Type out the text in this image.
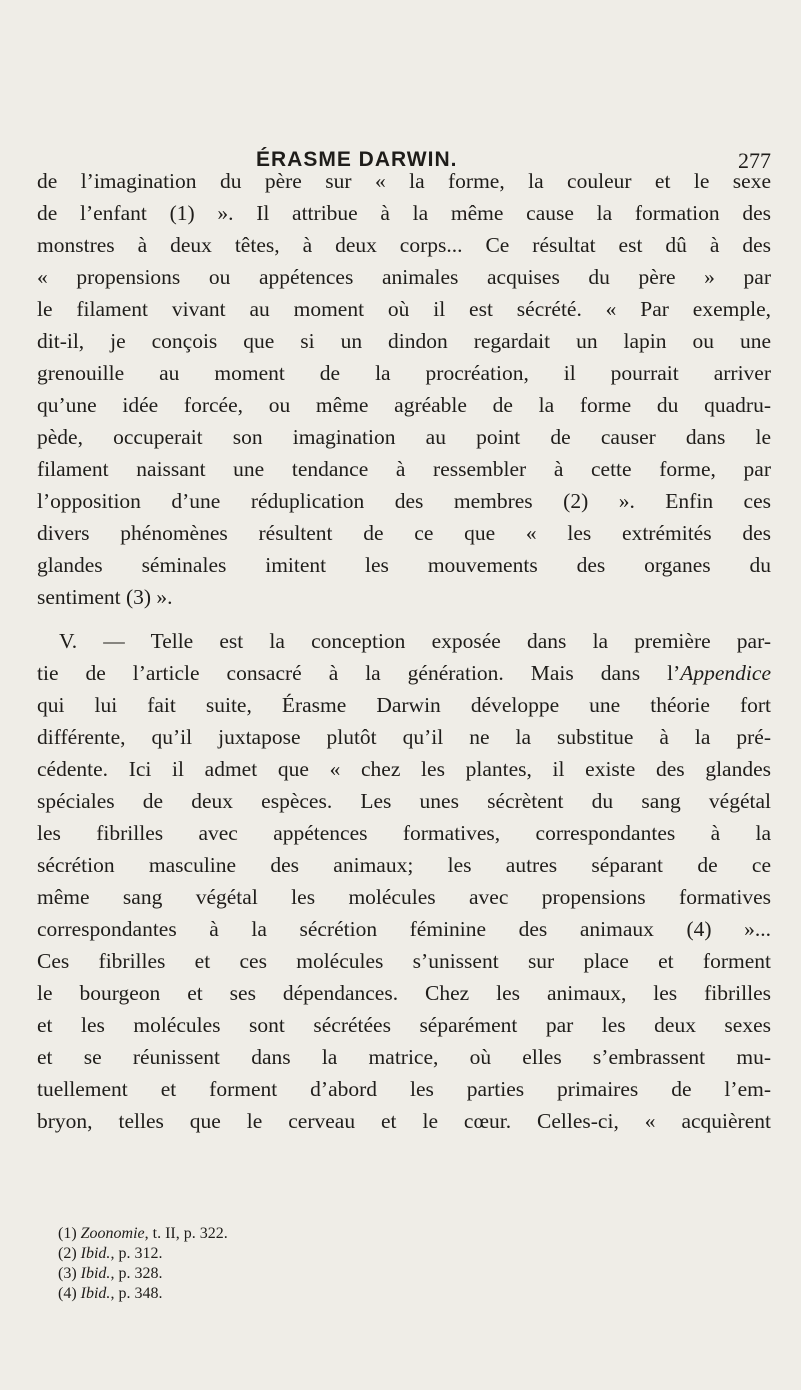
ÉRASME DARWIN.	277
de l’imagination du père sur « la forme, la couleur et le sexe
de l’enfant (1) ». Il attribue à la même cause la formation des
monstres à deux têtes, à deux corps... Ce résultat est dû à des
« propensions ou appétences animales acquises du père » par
le filament vivant au moment où il est sécrété. « Par exemple,
dit-il, je conçois que si un dindon regardait un lapin ou une
grenouille au moment de la procréation, il pourrait arriver
qu’une idée forcée, ou même agréable de la forme du quadru-
pède, occuperait son imagination au point de causer dans le
filament naissant une tendance à ressembler à cette forme, par
l’opposition d’une réduplication des membres (2) ». Enfin ces
divers phénomènes résultent de ce que « les extrémités des
glandes séminales imitent les mouvements des organes du
sentiment (3) ».
V. — Telle est la conception exposée dans la première par-
tie de l’article consacré à la génération. Mais dans l’Appendice
qui lui fait suite, Érasme Darwin développe une théorie fort
différente, qu’il juxtapose plutôt qu’il ne la substitue à la pré-
cédente. Ici il admet que « chez les plantes, il existe des glandes
spéciales de deux espèces. Les unes sécrètent du sang végétal
les fibrilles avec appétences formatives, correspondantes à la
sécrétion masculine des animaux; les autres séparant de ce
même sang végétal les molécules avec propensions formatives
correspondantes à la sécrétion féminine des animaux (4) »...
Ces fibrilles et ces molécules s’unissent sur place et forment
le bourgeon et ses dépendances. Chez les animaux, les fibrilles
et les molécules sont sécrétées séparément par les deux sexes
et se réunissent dans la matrice, où elles s’embrassent mu-
tuellement et forment d’abord les parties primaires de l’em-
bryon, telles que le cerveau et le cœur. Celles-ci, « acquièrent
(1) Zoonomie, t. II, p. 322.
(2) Ibid., p. 312.
(3) Ibid., p. 328.
(4) Ibid., p. 348.
